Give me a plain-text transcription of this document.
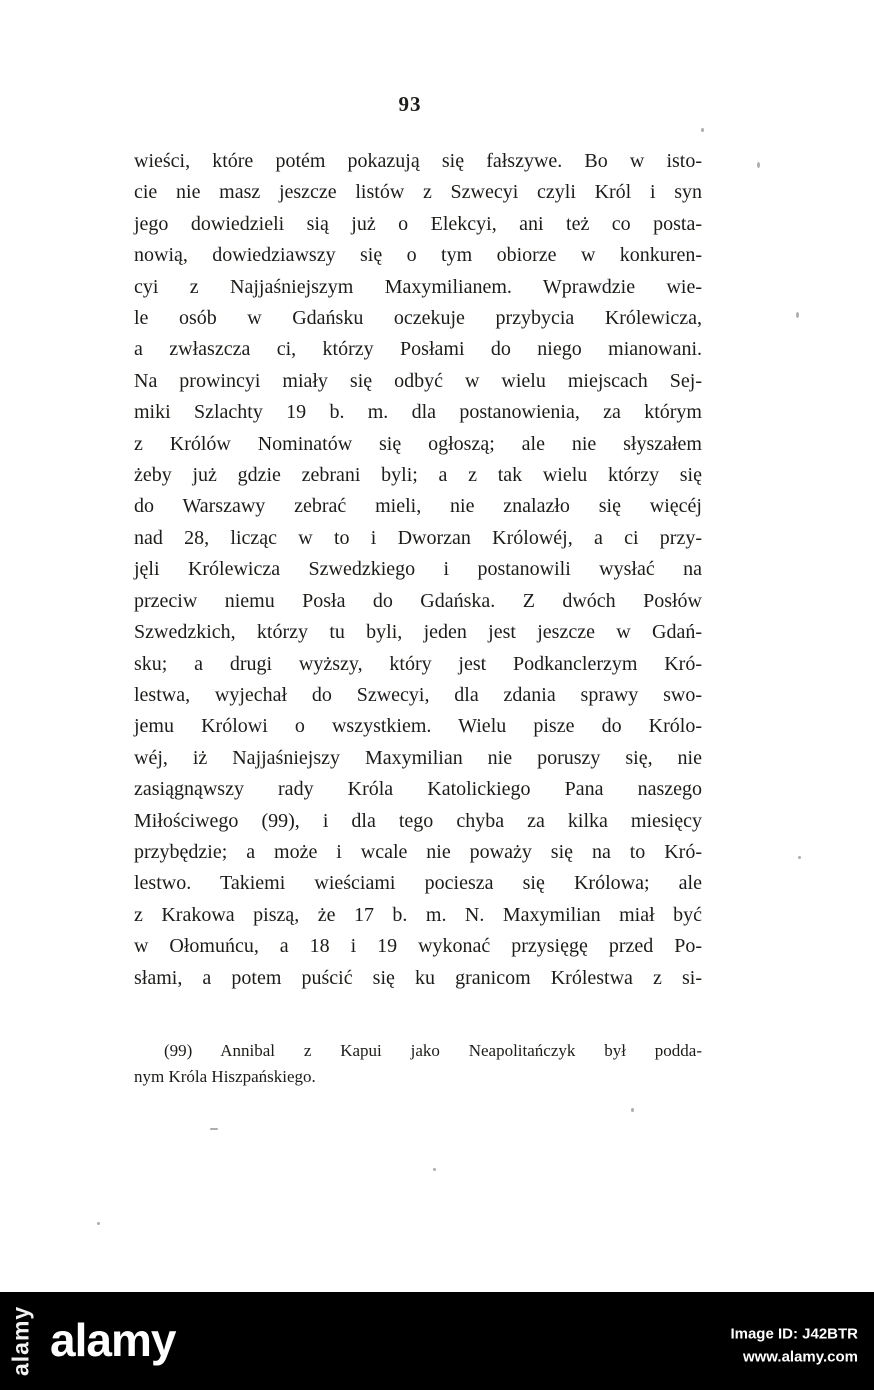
93
wieści, które potém pokazują się fałszywe. Bo w isto-
cie nie masz jeszcze listów z Szwecyi czyli Król i syn
jego dowiedzieli sią już o Elekcyi, ani też co posta-
nowią, dowiedziawszy się o tym obiorze w konkuren-
cyi z Najjaśniejszym Maxymilianem. Wprawdzie wie-
le osób w Gdańsku oczekuje przybycia Królewicza,
a zwłaszcza ci, którzy Posłami do niego mianowani.
Na prowincyi miały się odbyć w wielu miejscach Sej-
miki Szlachty 19 b. m. dla postanowienia, za którym
z Królów Nominatów się ogłoszą; ale nie słyszałem
żeby już gdzie zebrani byli; a z tak wielu którzy się
do Warszawy zebrać mieli, nie znalazło się więcéj
nad 28, licząc w to i Dworzan Królowéj, a ci przy-
jęli Królewicza Szwedzkiego i postanowili wysłać na
przeciw niemu Posła do Gdańska. Z dwóch Posłów
Szwedzkich, którzy tu byli, jeden jest jeszcze w Gdań-
sku; a drugi wyższy, który jest Podkanclerzym Kró-
lestwa, wyjechał do Szwecyi, dla zdania sprawy swo-
jemu Królowi o wszystkiem. Wielu pisze do Królo-
wéj, iż Najjaśniejszy Maxymilian nie poruszy się, nie
zasiągnąwszy rady Króla Katolickiego Pana naszego
Miłościwego (99), i dla tego chyba za kilka miesięcy
przybędzie; a może i wcale nie poważy się na to Kró-
lestwo. Takiemi wieściami pociesza się Królowa; ale
z Krakowa piszą, że 17 b. m. N. Maxymilian miał być
w Ołomuńcu, a 18 i 19 wykonać przysięgę przed Po-
słami, a potem puścić się ku granicom Królestwa z si-
(99) Annibal z Kapui jako Neapolitańczyk był podda-
nym Króla Hiszpańskiego.
alamy alamy	Image ID: J42BTR
www.alamy.com
